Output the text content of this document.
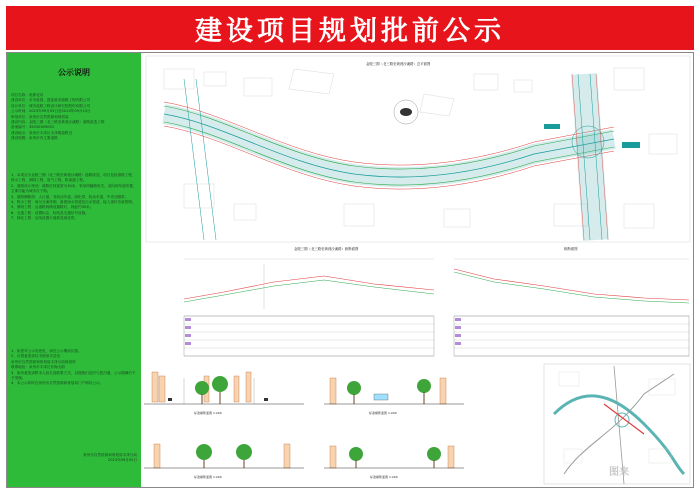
建设项目规划批前公示
公示说明
项目名称：电厦北站
建设单位：市市政园、建委政务道路工程有限公司
设计单位：城市道路工程设计研究院股份有限公司
公示时间：2023年09月05日至2023年09月15日
审批单位：泉州市自然资源和规划局
建设内容：金陵三期（北三路至黄巷沙溪路）道路改造工程
备案编号：35050309091
建设地点：泉州市丰泽区丰泽街道附近
建设规模：泉州市内主要道路
1、本项目为金陵三期（北三路至黄巷沙溪路）道路改造，项目包括道路工程、排水工程、照明工程、电气工程、防渗漏工程。
2、道路设计规划：道路红线宽度为30米，采用两幅路形式，双向四车道布置，主要功能为城市次干路。
3、道路横断面：人行道、非机动车道、绿化带、机动车道、中央分隔带。
4、排水工程：雨污分流体制，新建雨水管道及污水管道，接入现状市政管网。
5、照明工程：沿道路两侧设置路灯，间距约30米。
6、交通工程：设置标志、标线及交通信号设施。
7、绿化工程：沿线设置行道树及绿化带。
1、如您对公示有意见，请在公示期间反馈。
2、反馈意见请以书面形式送至：
泉州市自然资源和规划局丰泽分局规划科
联系地址：泉州市丰泽区东海大街
3、如有意见请附本人姓名及联系方式，以便我们及时与您沟通，公示期满后不予受理。
4、本公示同时在泉州市自然资源和规划局门户网站公示。
泉州市自然资源和规划局丰泽分局
2023年09月05日
金陵三期（北三路至黄巷沙溪路）总平面图
金陵三期（北三路至黄巷沙溪路）纵断面图	纵断面图
标准横断面图 1:200	标准横断面图 1:200
标准横断面图 1:200	标准横断面图 1:200	图来
